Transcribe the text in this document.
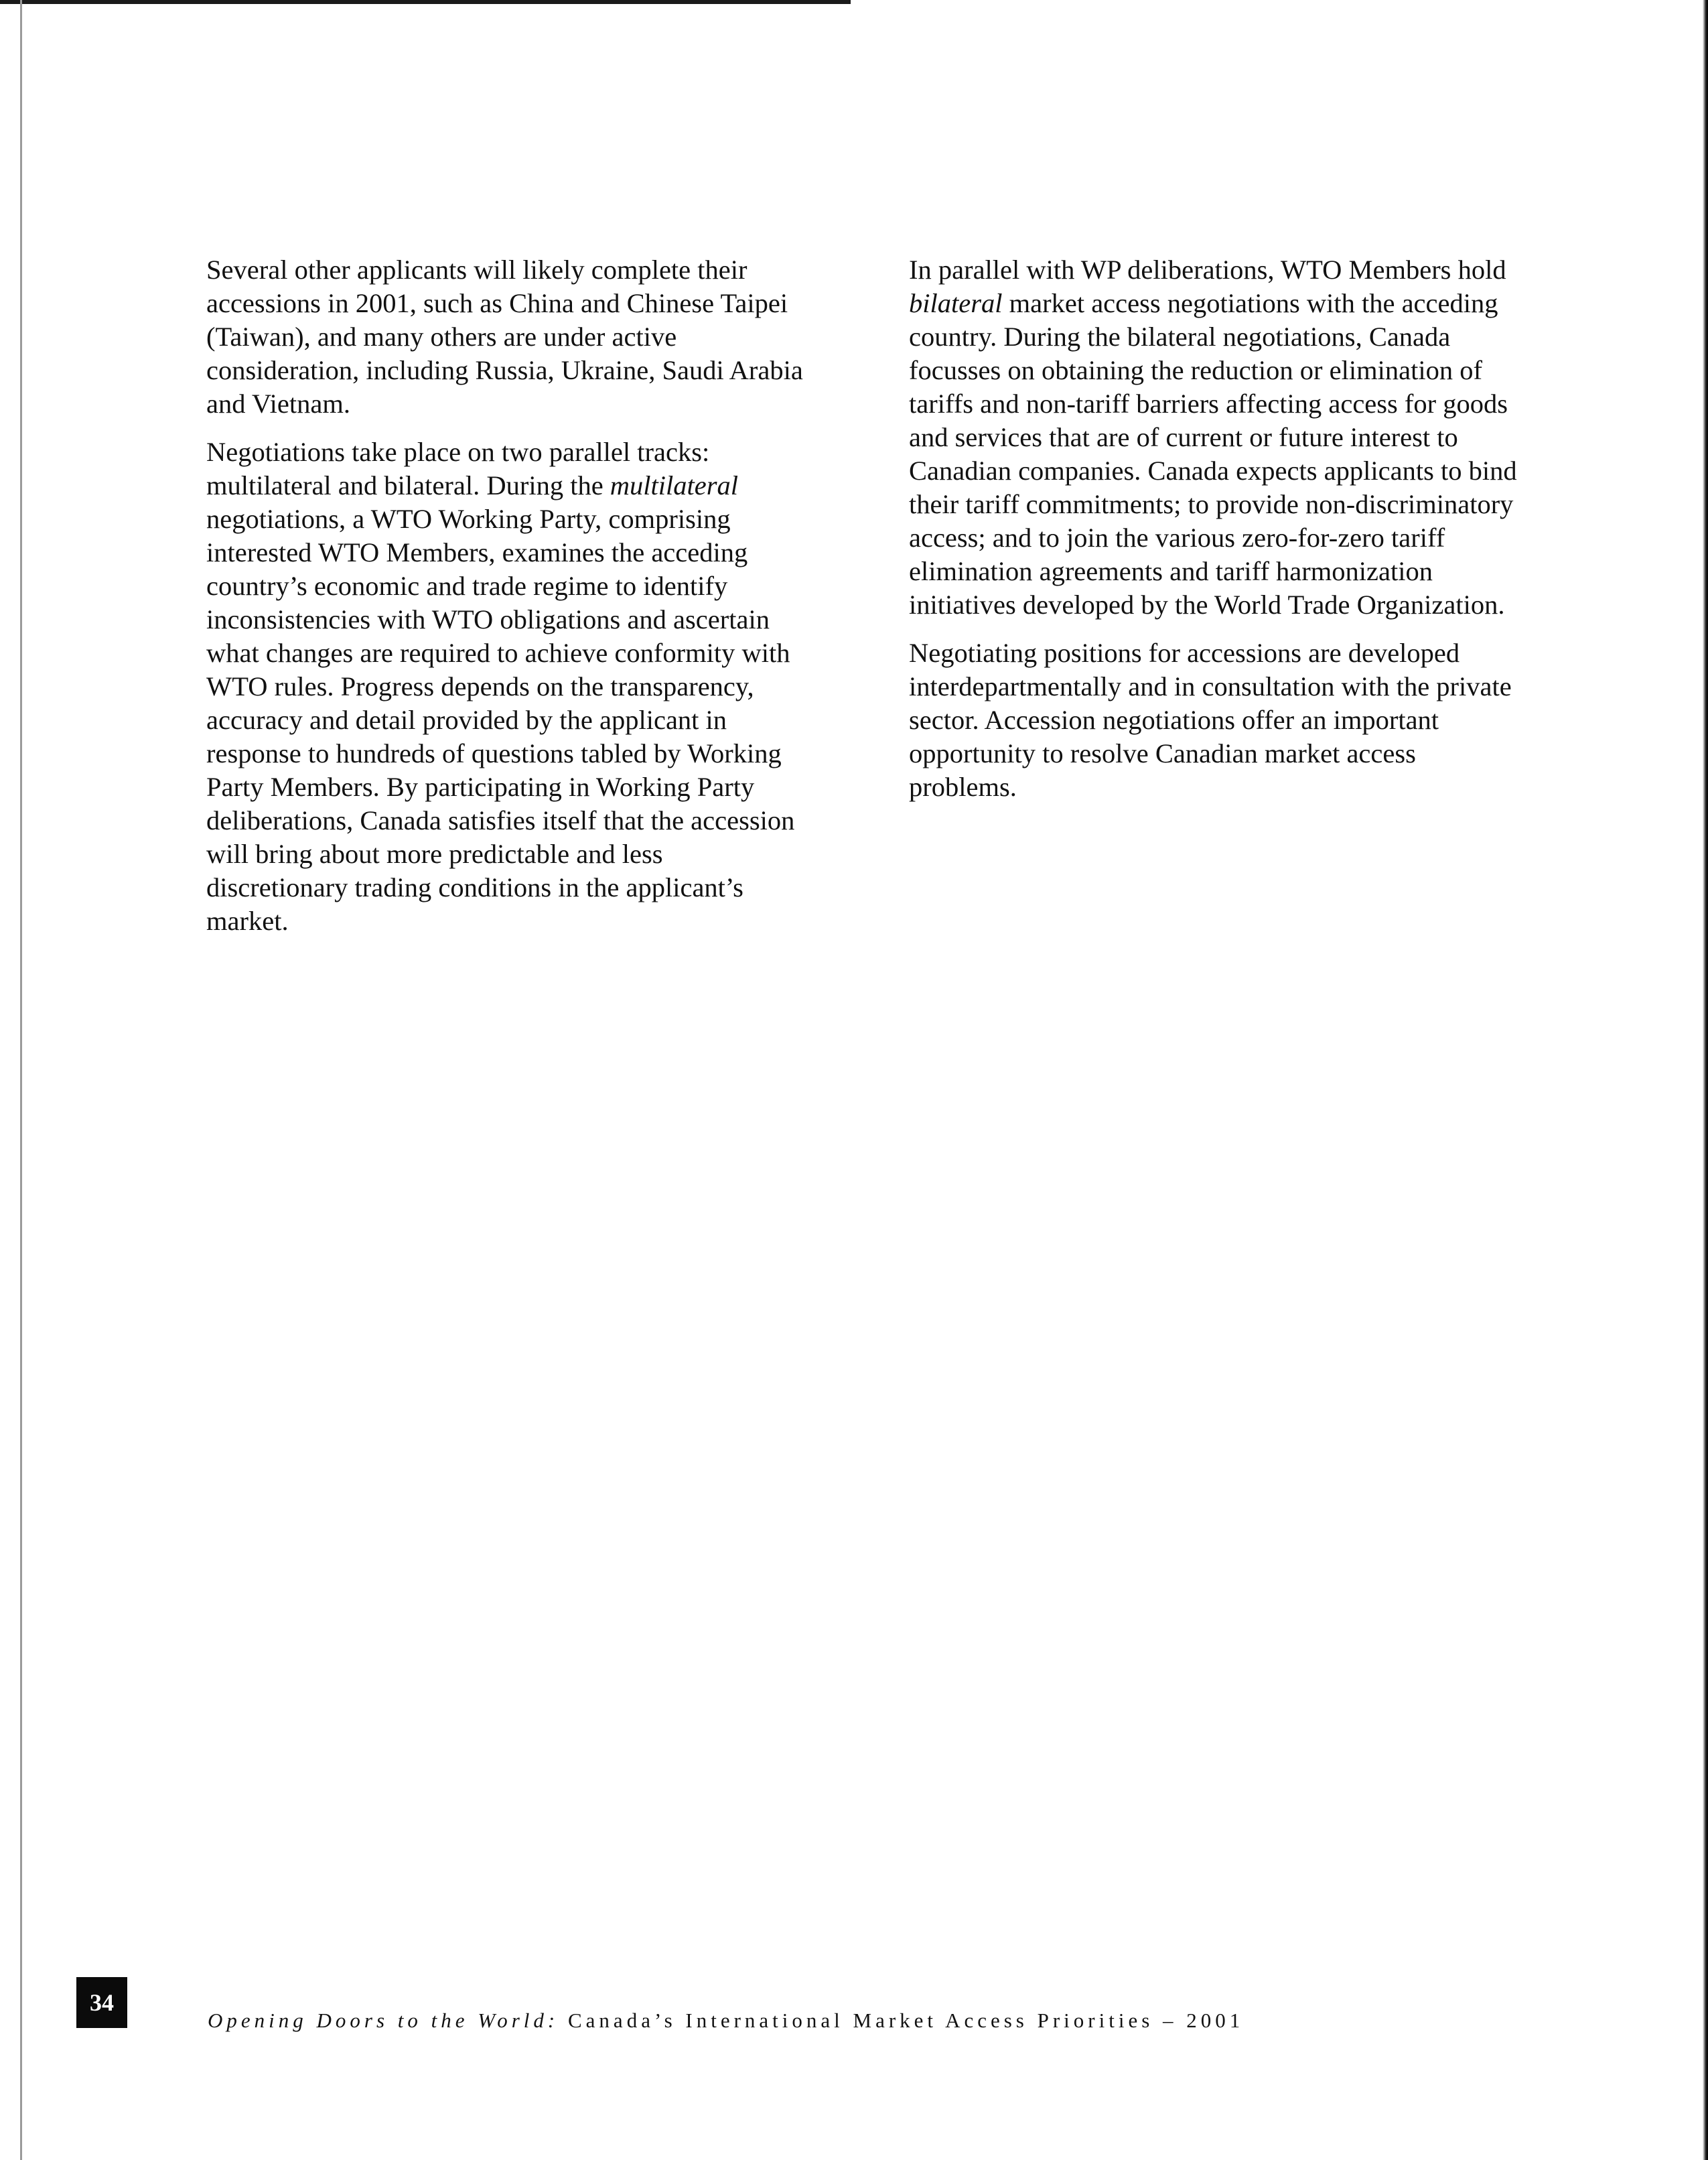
Several other applicants will likely complete their accessions in 2001, such as China and Chinese Taipei (Taiwan), and many others are under active consideration, including Russia, Ukraine, Saudi Arabia and Vietnam.

Negotiations take place on two parallel tracks: multilateral and bilateral. During the multilateral negotiations, a WTO Working Party, comprising interested WTO Members, examines the acceding country’s economic and trade regime to identify inconsistencies with WTO obligations and ascertain what changes are required to achieve conformity with WTO rules. Progress depends on the transparency, accuracy and detail provided by the applicant in response to hundreds of questions tabled by Working Party Members. By participating in Working Party deliberations, Canada satisfies itself that the accession will bring about more predictable and less discretionary trading conditions in the applicant’s market.

In parallel with WP deliberations, WTO Members hold bilateral market access negotiations with the acceding country. During the bilateral negotiations, Canada focusses on obtaining the reduction or elimination of tariffs and non-tariff barriers affecting access for goods and services that are of current or future interest to Canadian companies. Canada expects applicants to bind their tariff commitments; to provide non-discriminatory access; and to join the various zero-for-zero tariff elimination agreements and tariff harmonization initiatives developed by the World Trade Organization.

Negotiating positions for accessions are developed interdepartmentally and in consultation with the private sector. Accession negotiations offer an important opportunity to resolve Canadian market access problems.

34
Opening Doors to the World: Canada’s International Market Access Priorities – 2001
